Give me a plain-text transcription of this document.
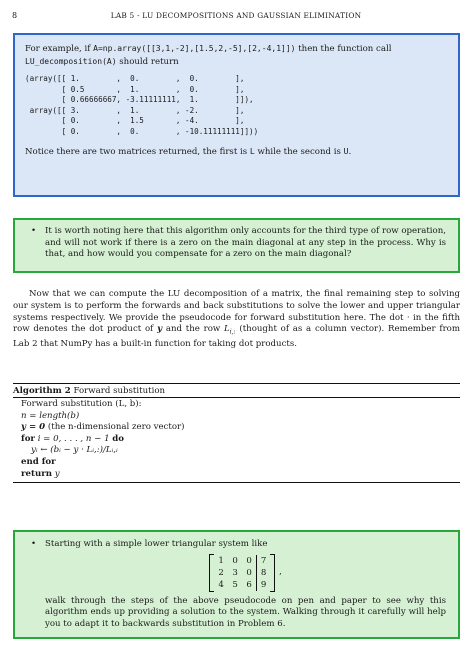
8	LAB 5 - LU DECOMPOSITIONS AND GAUSSIAN ELIMINATION

For example, if A=np.array([[3,1,-2],[1.5,2,-5],[2,-4,1]]) then the function call LU_decomposition(A) should return

(array([[ 1.        ,  0.        ,  0.        ],
[ 0.5       ,  1.        ,  0.        ],
[ 0.66666667, -3.11111111,  1.        ]]),
array([[ 3.        ,  1.        , -2.        ],
[ 0.        ,  1.5       , -4.        ],
[ 0.        ,  0.        , -10.11111111]]))

Notice there are two matrices returned, the first is L while the second is U.

• It is worth noting here that this algorithm only accounts for the third type of row operation, and will not work if there is a zero on the main diagonal at any step in the process. Why is that, and how would you compensate for a zero on the main diagonal?
Now that we can compute the LU decomposition of a matrix, the final remaining step to solving our system is to perform the forwards and back substitutions to solve the lower and upper triangular systems respectively. We provide the pseudocode for forward substitution here. The dot · in the fifth row denotes the dot product of y and the row $L_{i,:}$ (thought of as a column vector). Remember from Lab 2 that NumPy has a built-in function for taking dot products.
Algorithm 2 Forward substitution
Forward substitution (L, b):
n = length(b)
y = 0 (the n-dimensional zero vector)
for i = 0, . . . , n − 1 do
yᵢ ← (bᵢ − y · Lᵢ,:)/Lᵢ,ᵢ
end for
return y
• Starting with a simple lower triangular system like
1 0 0	7
2 3 0	8
4 5 6	9
,
walk through the steps of the above pseudocode on pen and paper to see why this algorithm ends up providing a solution to the system. Walking through it carefully will help you to adapt it to backwards substitution in Problem 6.
